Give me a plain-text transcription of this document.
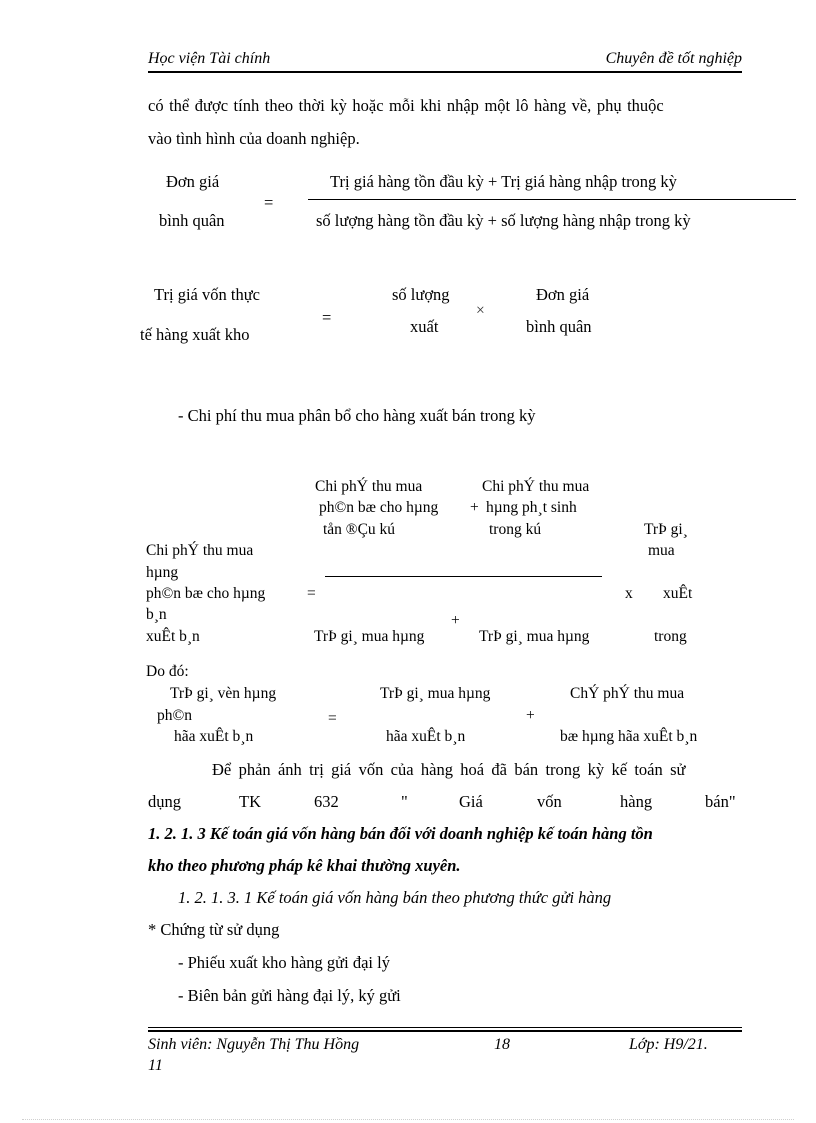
Học viện Tài chính	Chuyên đề tốt nghiệp
có thể được tính theo thời kỳ hoặc mỗi khi nhập một lô hàng về, phụ thuộc
vào tình hình của doanh nghiệp.
Đơn giá
bình quân
=
Trị giá hàng tồn đầu kỳ + Trị giá hàng nhập trong kỳ
số lượng hàng tồn đầu kỳ + số lượng hàng nhập trong kỳ
Trị giá vốn thực
tế hàng xuất kho
=
số lượng
xuất
×
Đơn giá
bình quân
- Chi phí thu mua phân bổ cho hàng xuất bán trong kỳ
Chi phÝ thu mua
ph©n bæ cho hµng
tån ®Çu kú
+
Chi phÝ thu mua
hµng ph¸t sinh
trong kú
Chi phÝ thu mua
hµng
ph©n bæ cho hµng
b¸n
xuÊt b¸n
=
TrÞ gi¸ mua hµng
+
TrÞ gi¸ mua hµng
x
TrÞ gi¸
mua
xuÊt
trong
Do đó:
TrÞ gi¸ vèn hµng
ph©n
hãa xuÊt b¸n
=
TrÞ gi¸ mua hµng
hãa xuÊt b¸n
+
ChÝ phÝ thu mua
bæ hµng hãa xuÊt b¸n
Để phản ánh trị giá vốn của hàng hoá đã bán trong kỳ kế toán sử
dụng	TK	632	"	Giá	vốn	hàng	bán"
1. 2. 1. 3 Kế toán giá vốn hàng bán đối với doanh nghiệp kế toán hàng tồn
kho theo phương pháp kê khai thường xuyên.
1. 2. 1. 3. 1 Kế toán giá vốn hàng bán theo phương thức gửi hàng
* Chứng từ sử dụng
- Phiếu xuất kho hàng gửi đại lý
- Biên bản gửi hàng đại lý, ký gửi
Sinh viên: Nguyễn Thị Thu Hồng	18	Lớp: H9/21.
11
